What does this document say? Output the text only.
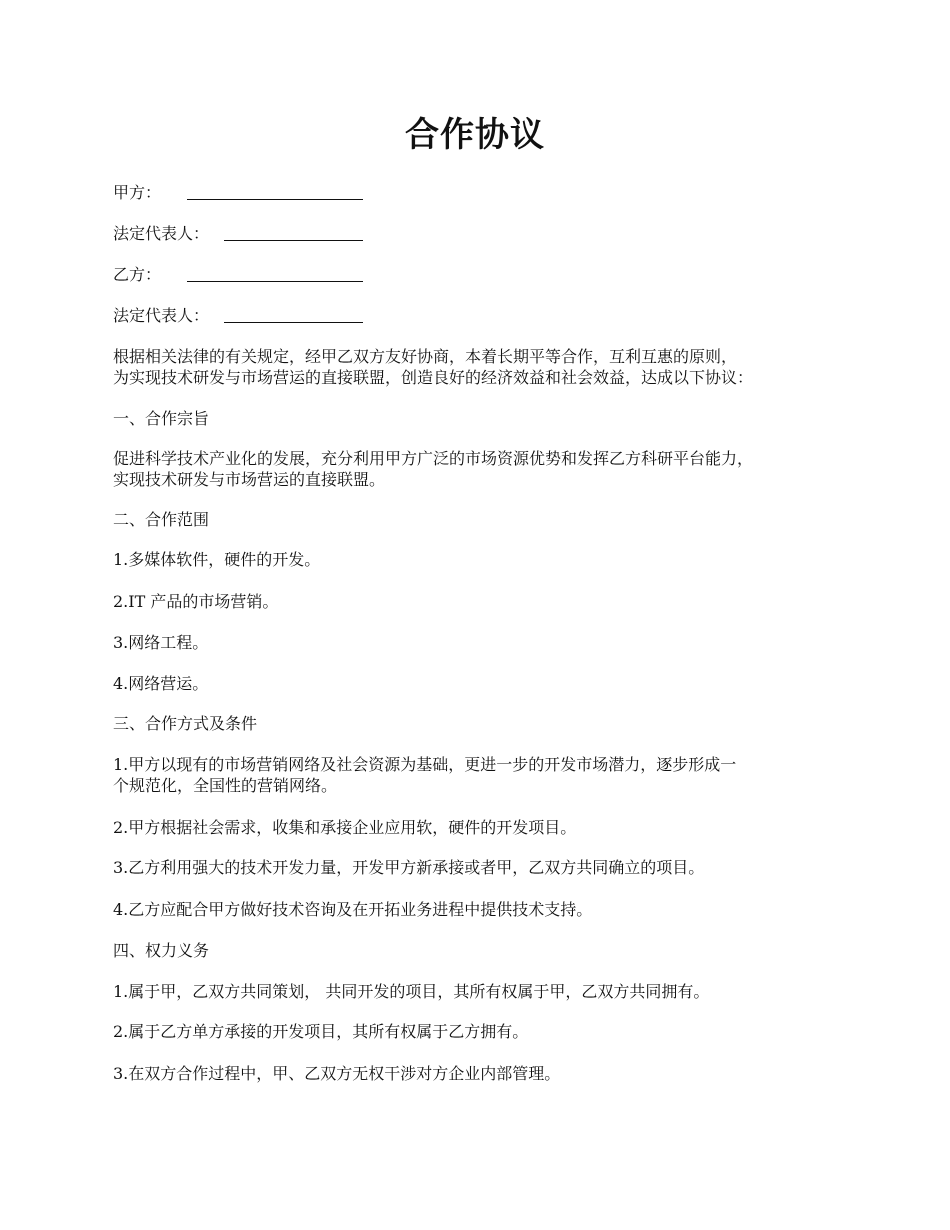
合作协议
甲方：
法定代表人：
乙方：
法定代表人：
根据相关法律的有关规定，经甲乙双方友好协商，本着长期平等合作，互利互惠的原则，
为实现技术研发与市场营运的直接联盟，创造良好的经济效益和社会效益，达成以下协议：
一、合作宗旨
促进科学技术产业化的发展，充分利用甲方广泛的市场资源优势和发挥乙方科研平台能力，
实现技术研发与市场营运的直接联盟。
二、合作范围
1.多媒体软件，硬件的开发。
2.IT 产品的市场营销。
3.网络工程。
4.网络营运。
三、合作方式及条件
1.甲方以现有的市场营销网络及社会资源为基础，更进一步的开发市场潜力，逐步形成一
个规范化，全国性的营销网络。
2.甲方根据社会需求，收集和承接企业应用软，硬件的开发项目。
3.乙方利用强大的技术开发力量，开发甲方新承接或者甲，乙双方共同确立的项目。
4.乙方应配合甲方做好技术咨询及在开拓业务进程中提供技术支持。
四、权力义务
1.属于甲，乙双方共同策划， 共同开发的项目，其所有权属于甲，乙双方共同拥有。
2.属于乙方单方承接的开发项目，其所有权属于乙方拥有。
3.在双方合作过程中，甲、乙双方无权干涉对方企业内部管理。
